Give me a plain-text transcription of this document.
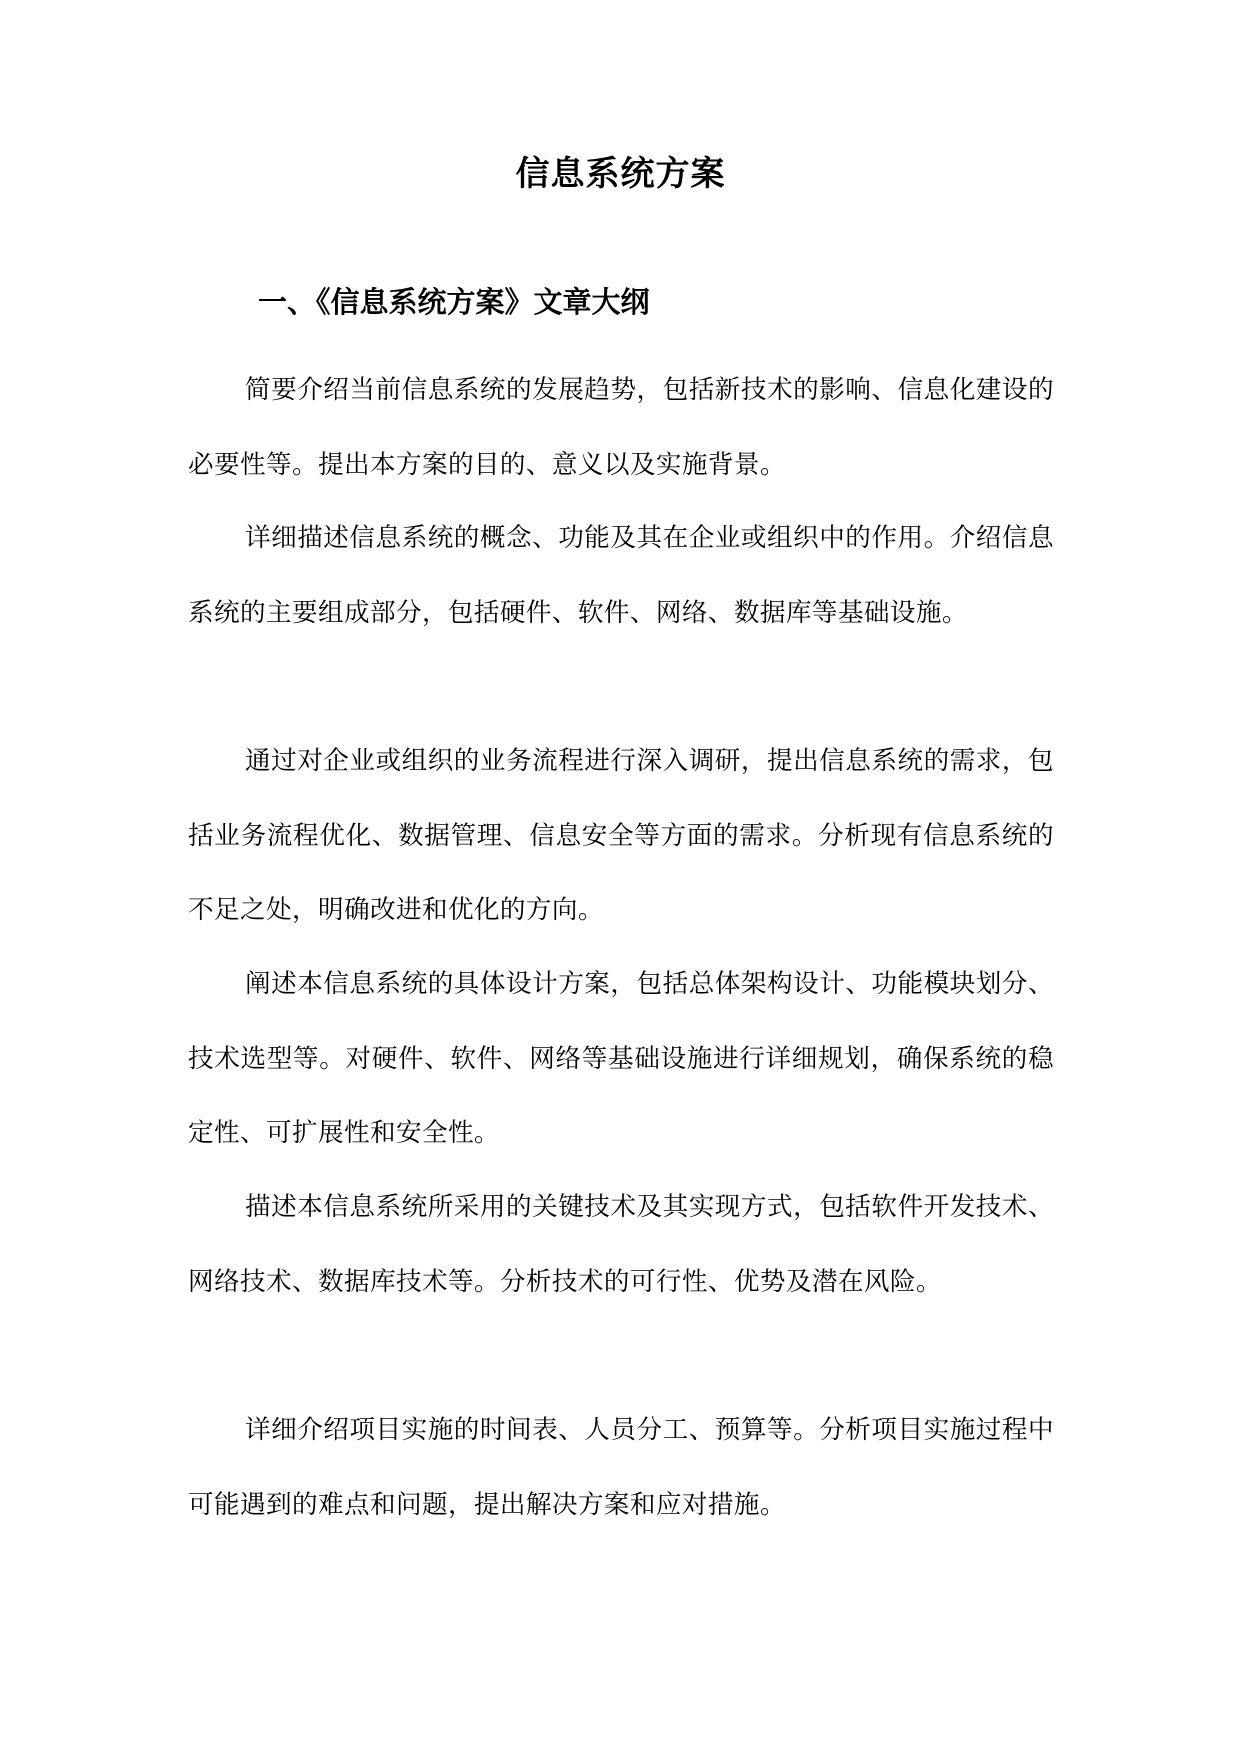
信息系统方案
一、《信息系统方案》文章大纲

简要介绍当前信息系统的发展趋势，包括新技术的影响、信息化建设的必要性等。提出本方案的目的、意义以及实施背景。

详细描述信息系统的概念、功能及其在企业或组织中的作用。介绍信息系统的主要组成部分，包括硬件、软件、网络、数据库等基础设施。

通过对企业或组织的业务流程进行深入调研，提出信息系统的需求，包括业务流程优化、数据管理、信息安全等方面的需求。分析现有信息系统的不足之处，明确改进和优化的方向。

阐述本信息系统的具体设计方案，包括总体架构设计、功能模块划分、技术选型等。对硬件、软件、网络等基础设施进行详细规划，确保系统的稳定性、可扩展性和安全性。

描述本信息系统所采用的关键技术及其实现方式，包括软件开发技术、网络技术、数据库技术等。分析技术的可行性、优势及潜在风险。

详细介绍项目实施的时间表、人员分工、预算等。分析项目实施过程中可能遇到的难点和问题，提出解决方案和应对措施。
